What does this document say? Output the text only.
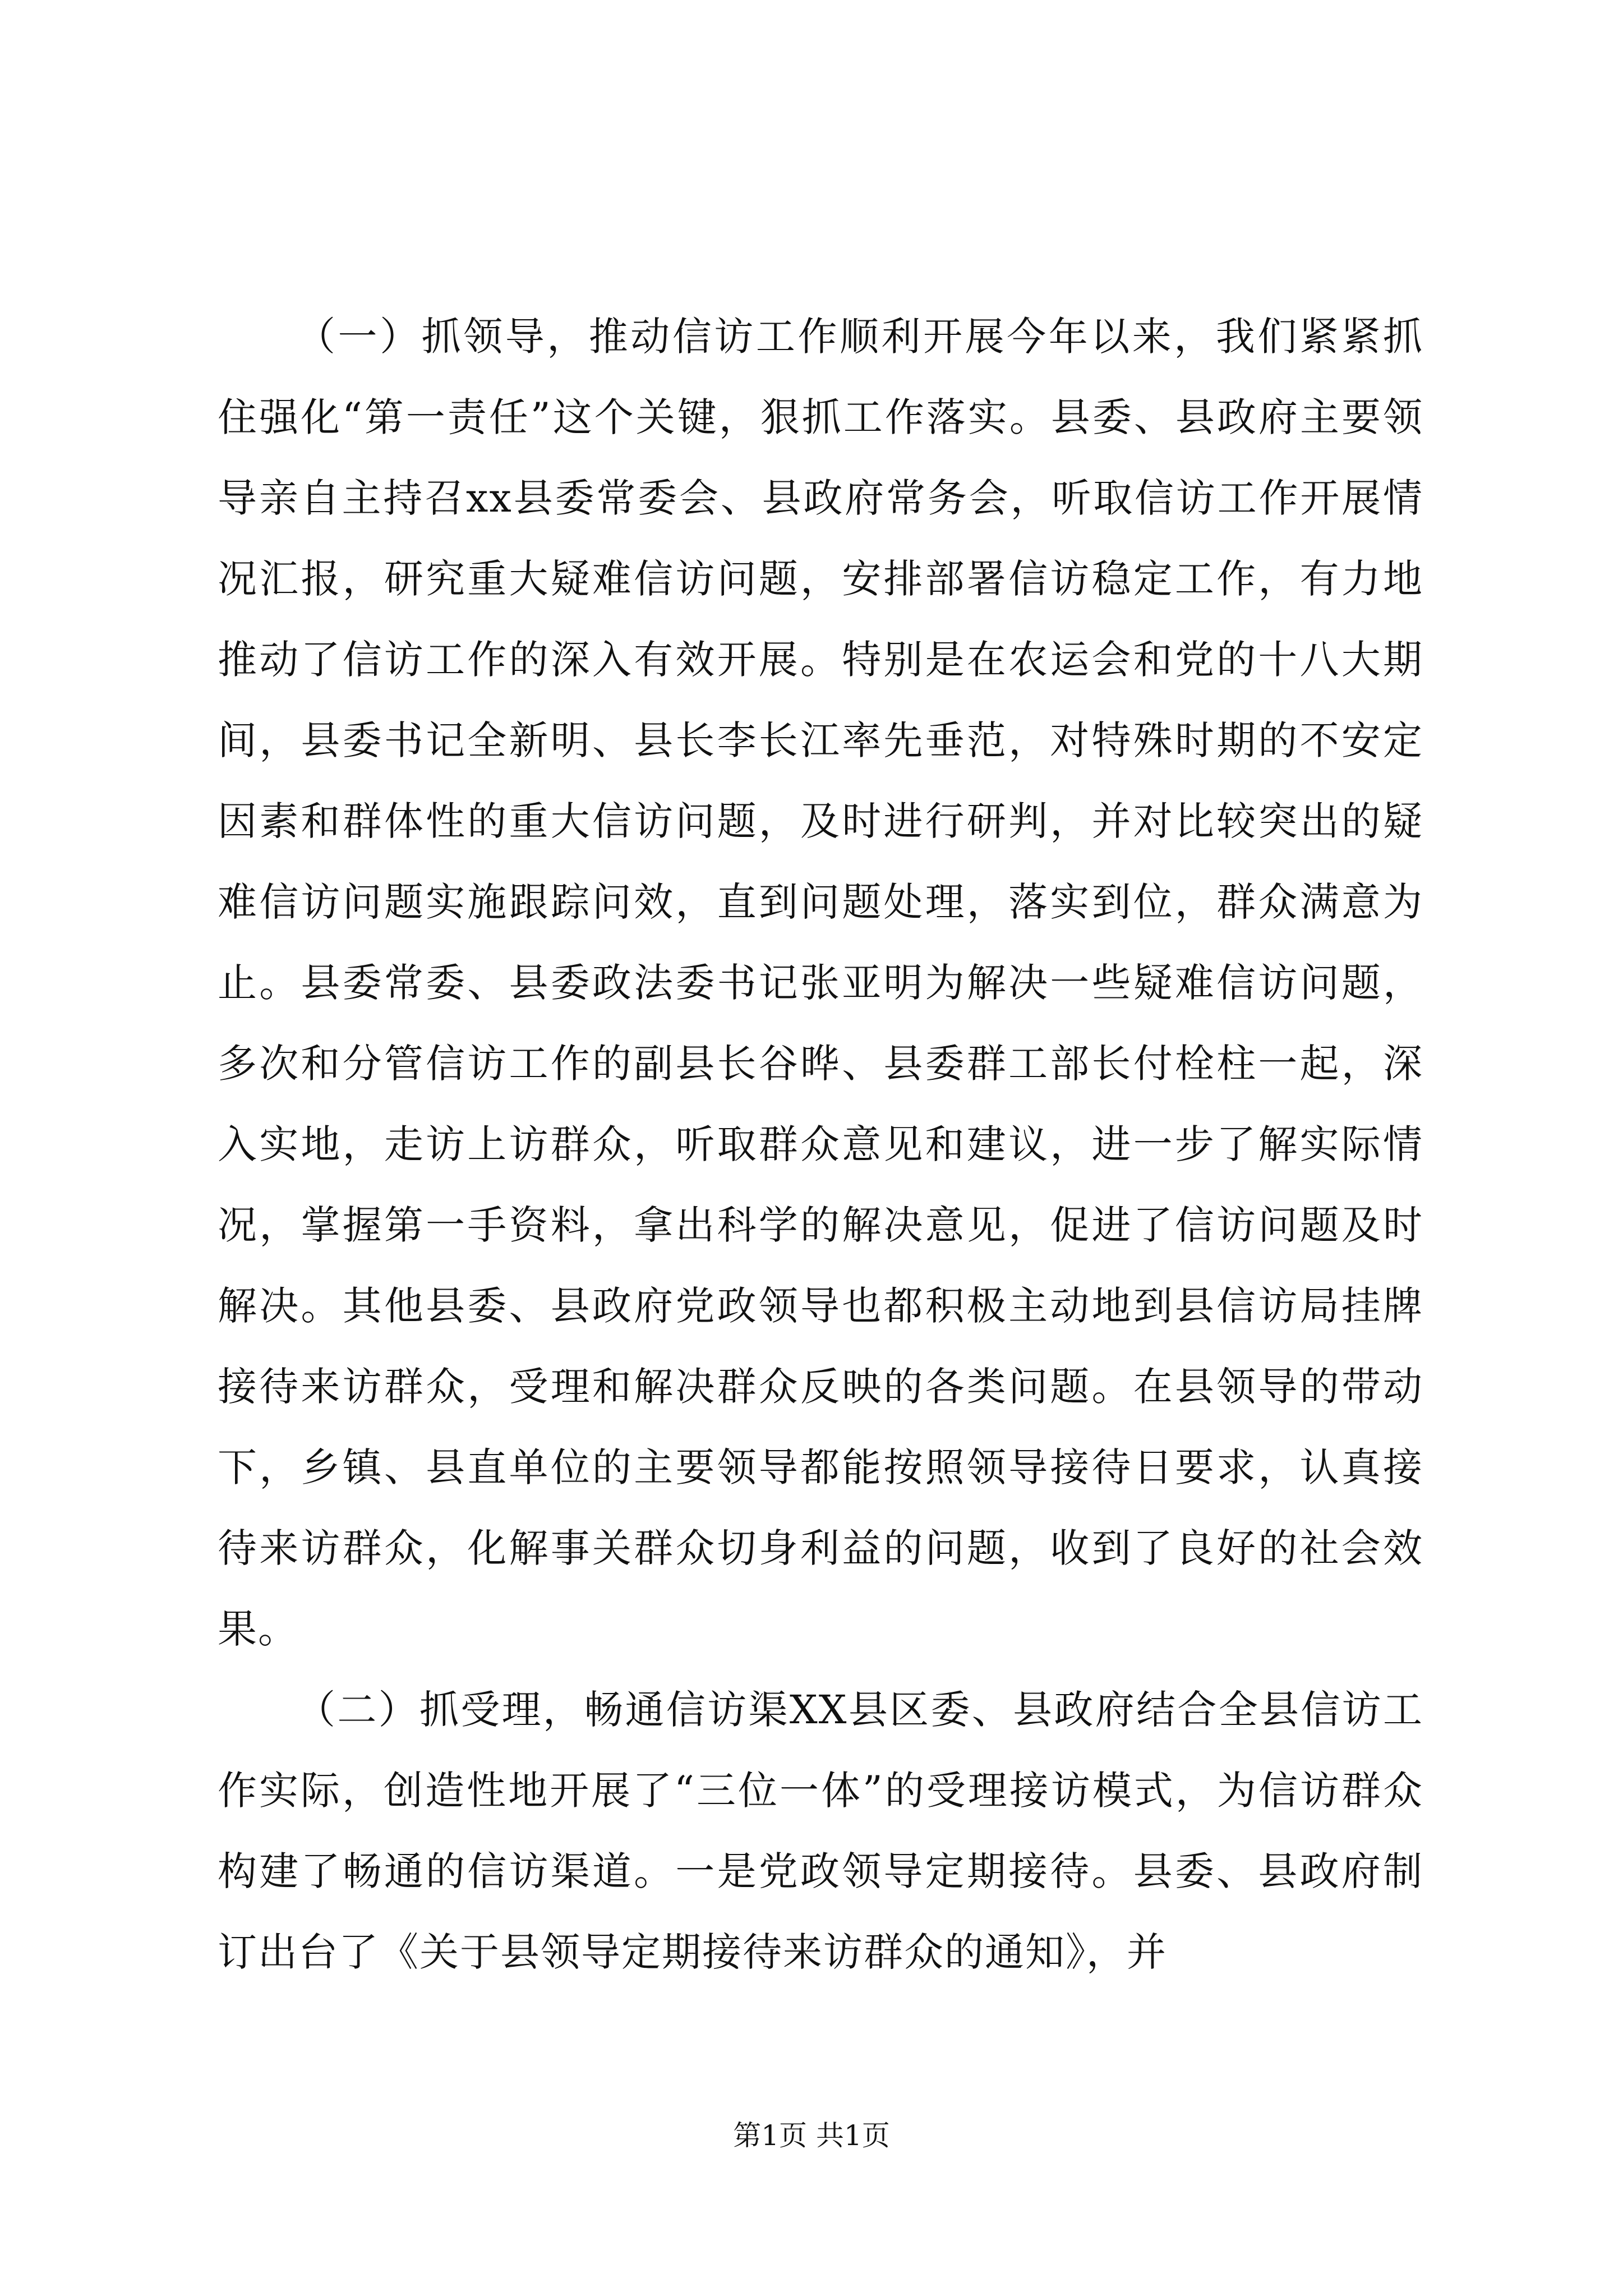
（一）抓领导，推动信访工作顺利开展今年以来，我们紧紧抓住强化“第一责任”这个关键，狠抓工作落实。县委、县政府主要领导亲自主持召xx县委常委会、县政府常务会，听取信访工作开展情况汇报，研究重大疑难信访问题，安排部署信访稳定工作，有力地推动了信访工作的深入有效开展。特别是在农运会和党的十八大期间，县委书记全新明、县长李长江率先垂范，对特殊时期的不安定因素和群体性的重大信访问题，及时进行研判，并对比较突出的疑难信访问题实施跟踪问效，直到问题处理，落实到位，群众满意为止。县委常委、县委政法委书记张亚明为解决一些疑难信访问题，多次和分管信访工作的副县长谷晔、县委群工部长付栓柱一起，深入实地，走访上访群众，听取群众意见和建议，进一步了解实际情况，掌握第一手资料，拿出科学的解决意见，促进了信访问题及时解决。其他县委、县政府党政领导也都积极主动地到县信访局挂牌接待来访群众，受理和解决群众反映的各类问题。在县领导的带动下，乡镇、县直单位的主要领导都能按照领导接待日要求，认真接待来访群众，化解事关群众切身利益的问题，收到了良好的社会效果。

（二）抓受理，畅通信访渠XX县区委、县政府结合全县信访工作实际，创造性地开展了“三位一体”的受理接访模式，为信访群众构建了畅通的信访渠道。一是党政领导定期接待。县委、县政府制订出台了《关于县领导定期接待来访群众的通知》，并

第1页 共1页
